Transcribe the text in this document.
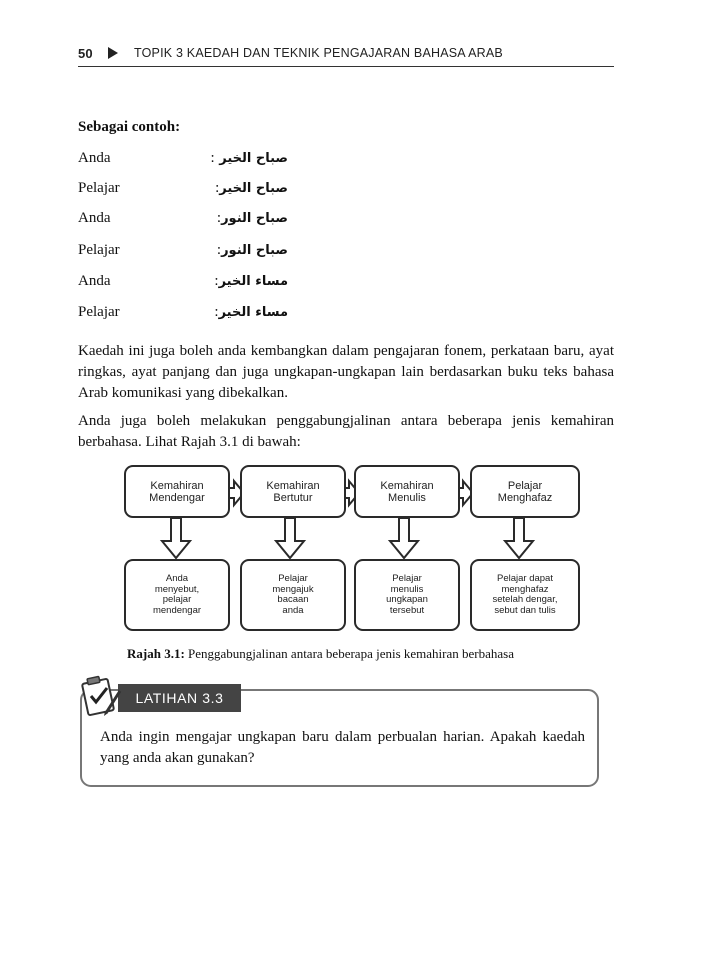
50	TOPIK 3 KAEDAH DAN TEKNIK PENGAJARAN BAHASA ARAB
Sebagai contoh:
Anda	صباح الخير :
Pelajar	صباح الخير:
Anda	صباح النور:
Pelajar	صباح النور:
Anda	مساء الخير:
Pelajar	مساء الخير:
Kaedah ini juga boleh anda kembangkan dalam pengajaran fonem, perkataan baru, ayat ringkas, ayat panjang dan juga ungkapan-ungkapan lain berdasarkan buku teks bahasa Arab komunikasi yang dibekalkan.
Anda juga boleh melakukan penggabungjalinan antara beberapa jenis kemahiran berbahasa. Lihat Rajah 3.1 di bawah:
Kemahiran
Mendengar
Kemahiran
Bertutur
Kemahiran
Menulis
Pelajar
Menghafaz
Anda
menyebut,
pelajar
mendengar
Pelajar
mengajuk
bacaan
anda
Pelajar
menulis
ungkapan
tersebut
Pelajar dapat
menghafaz
setelah dengar,
sebut dan tulis
Rajah 3.1: Penggabungjalinan antara beberapa jenis kemahiran berbahasa
LATIHAN 3.3
Anda ingin mengajar ungkapan baru dalam perbualan harian. Apakah kaedah yang anda akan gunakan?
